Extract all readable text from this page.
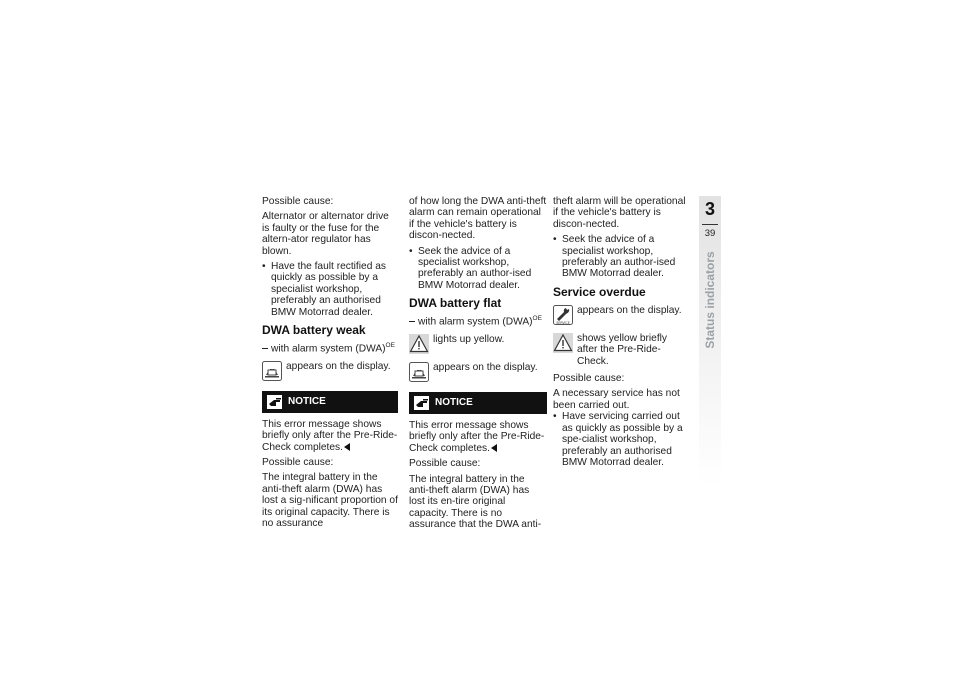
Possible cause:

Alternator or alternator drive is faulty or the fuse for the altern-ator regulator has blown.

• Have the fault rectified as quickly as possible by a specialist workshop, preferably an authorised BMW Motorrad dealer.
DWA battery weak

with alarm system (DWA)$^{OE}$

appears on the display.
NOTICE

This error message shows briefly only after the Pre-Ride-Check completes.

Possible cause:

The integral battery in the anti-theft alarm (DWA) has lost a sig-nificant proportion of its original capacity. There is no assurance

of how long the DWA anti-theft alarm can remain operational if the vehicle's battery is discon-nected.

• Seek the advice of a specialist workshop, preferably an author-ised BMW Motorrad dealer.
DWA battery flat

with alarm system (DWA)$^{OE}$

lights up yellow.
appears on the display.
NOTICE

This error message shows briefly only after the Pre-Ride-Check completes.

Possible cause:

The integral battery in the anti-theft alarm (DWA) has lost its en-tire original capacity. There is no assurance that the DWA anti-

theft alarm will be operational if the vehicle's battery is discon-nected.

• Seek the advice of a specialist workshop, preferably an author-ised BMW Motorrad dealer.
Service overdue
SERVICE
appears on the display.
shows yellow briefly after the Pre-Ride-Check.

Possible cause:

A necessary service has not been carried out.

• Have servicing carried out as quickly as possible by a spe-cialist workshop, preferably an authorised BMW Motorrad dealer.
3
39
Status indicators
